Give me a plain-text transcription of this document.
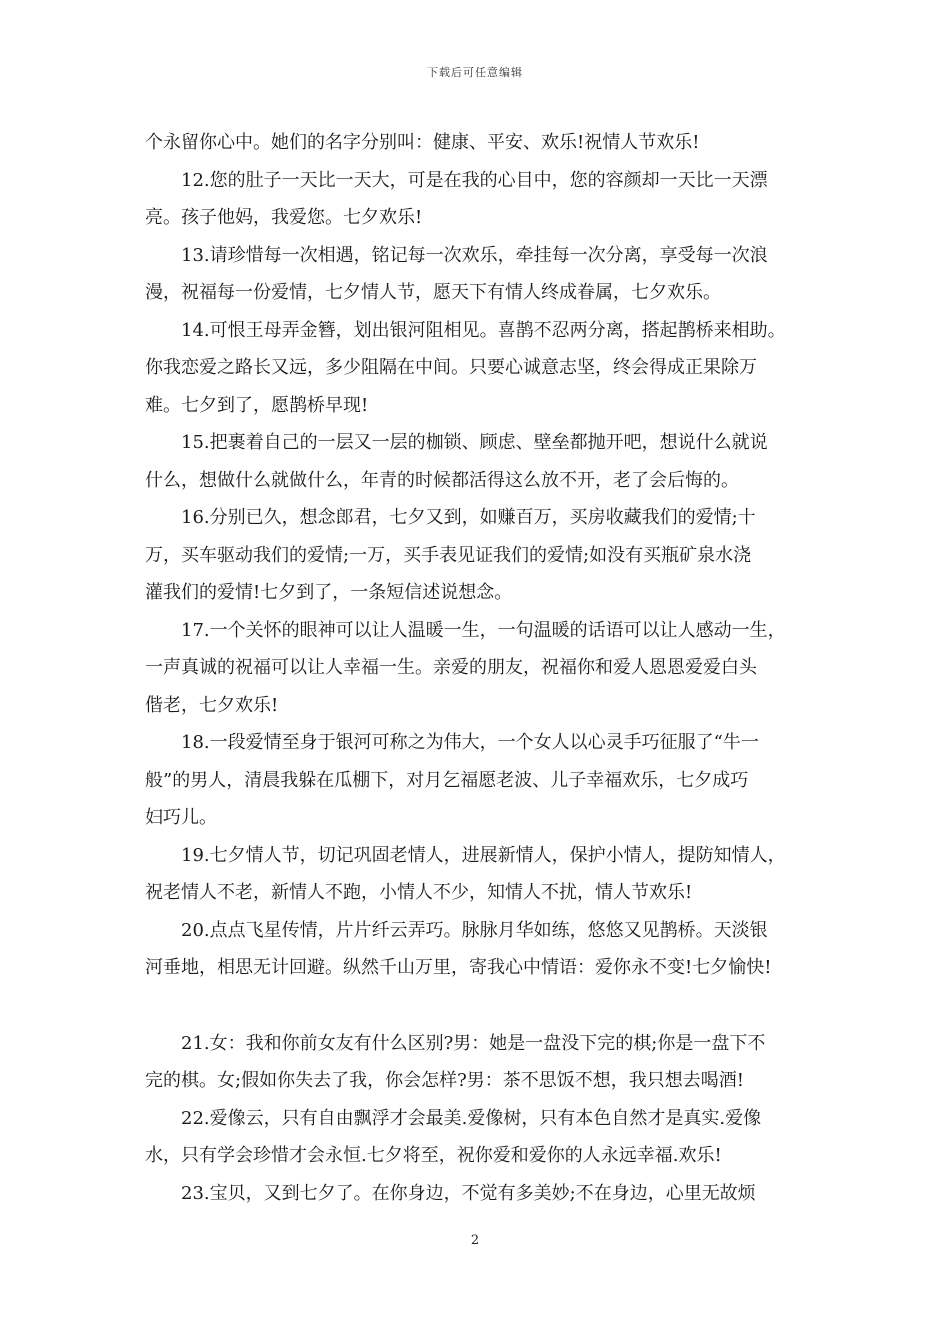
下载后可任意编辑

个永留你心中。她们的名字分别叫：健康、平安、欢乐!祝情人节欢乐!

12.您的肚子一天比一天大，可是在我的心目中，您的容颜却一天比一天漂
亮。孩子他妈，我爱您。七夕欢乐!

13.请珍惜每一次相遇，铭记每一次欢乐，牵挂每一次分离，享受每一次浪
漫，祝福每一份爱情，七夕情人节，愿天下有情人终成眷属，七夕欢乐。

14.可恨王母弄金簪，划出银河阻相见。喜鹊不忍两分离，搭起鹊桥来相助。
你我恋爱之路长又远，多少阻隔在中间。只要心诚意志坚，终会得成正果除万
难。七夕到了，愿鹊桥早现!

15.把裹着自己的一层又一层的枷锁、顾虑、壁垒都抛开吧，想说什么就说
什么，想做什么就做什么，年青的时候都活得这么放不开，老了会后悔的。

16.分别已久，想念郎君，七夕又到，如赚百万，买房收藏我们的爱情;十
万，买车驱动我们的爱情;一万，买手表见证我们的爱情;如没有买瓶矿泉水浇
灌我们的爱情!七夕到了，一条短信述说想念。

17.一个关怀的眼神可以让人温暖一生，一句温暖的话语可以让人感动一生，
一声真诚的祝福可以让人幸福一生。亲爱的朋友，祝福你和爱人恩恩爱爱白头
偕老，七夕欢乐!

18.一段爱情至身于银河可称之为伟大，一个女人以心灵手巧征服了“牛一
般”的男人，清晨我躲在瓜棚下，对月乞福愿老波、儿子幸福欢乐，七夕成巧
妇巧儿。

19.七夕情人节，切记巩固老情人，进展新情人，保护小情人，提防知情人，
祝老情人不老，新情人不跑，小情人不少，知情人不扰，情人节欢乐!

20.点点飞星传情，片片纤云弄巧。脉脉月华如练，悠悠又见鹊桥。天淡银
河垂地，相思无计回避。纵然千山万里，寄我心中情语：爱你永不变!七夕愉快!

21.女：我和你前女友有什么区别?男：她是一盘没下完的棋;你是一盘下不
完的棋。女;假如你失去了我，你会怎样?男：茶不思饭不想，我只想去喝酒!

22.爱像云，只有自由飘浮才会最美.爱像树，只有本色自然才是真实.爱像
水，只有学会珍惜才会永恒.七夕将至，祝你爱和爱你的人永远幸福.欢乐!

23.宝贝，又到七夕了。在你身边，不觉有多美妙;不在身边，心里无故烦

2
